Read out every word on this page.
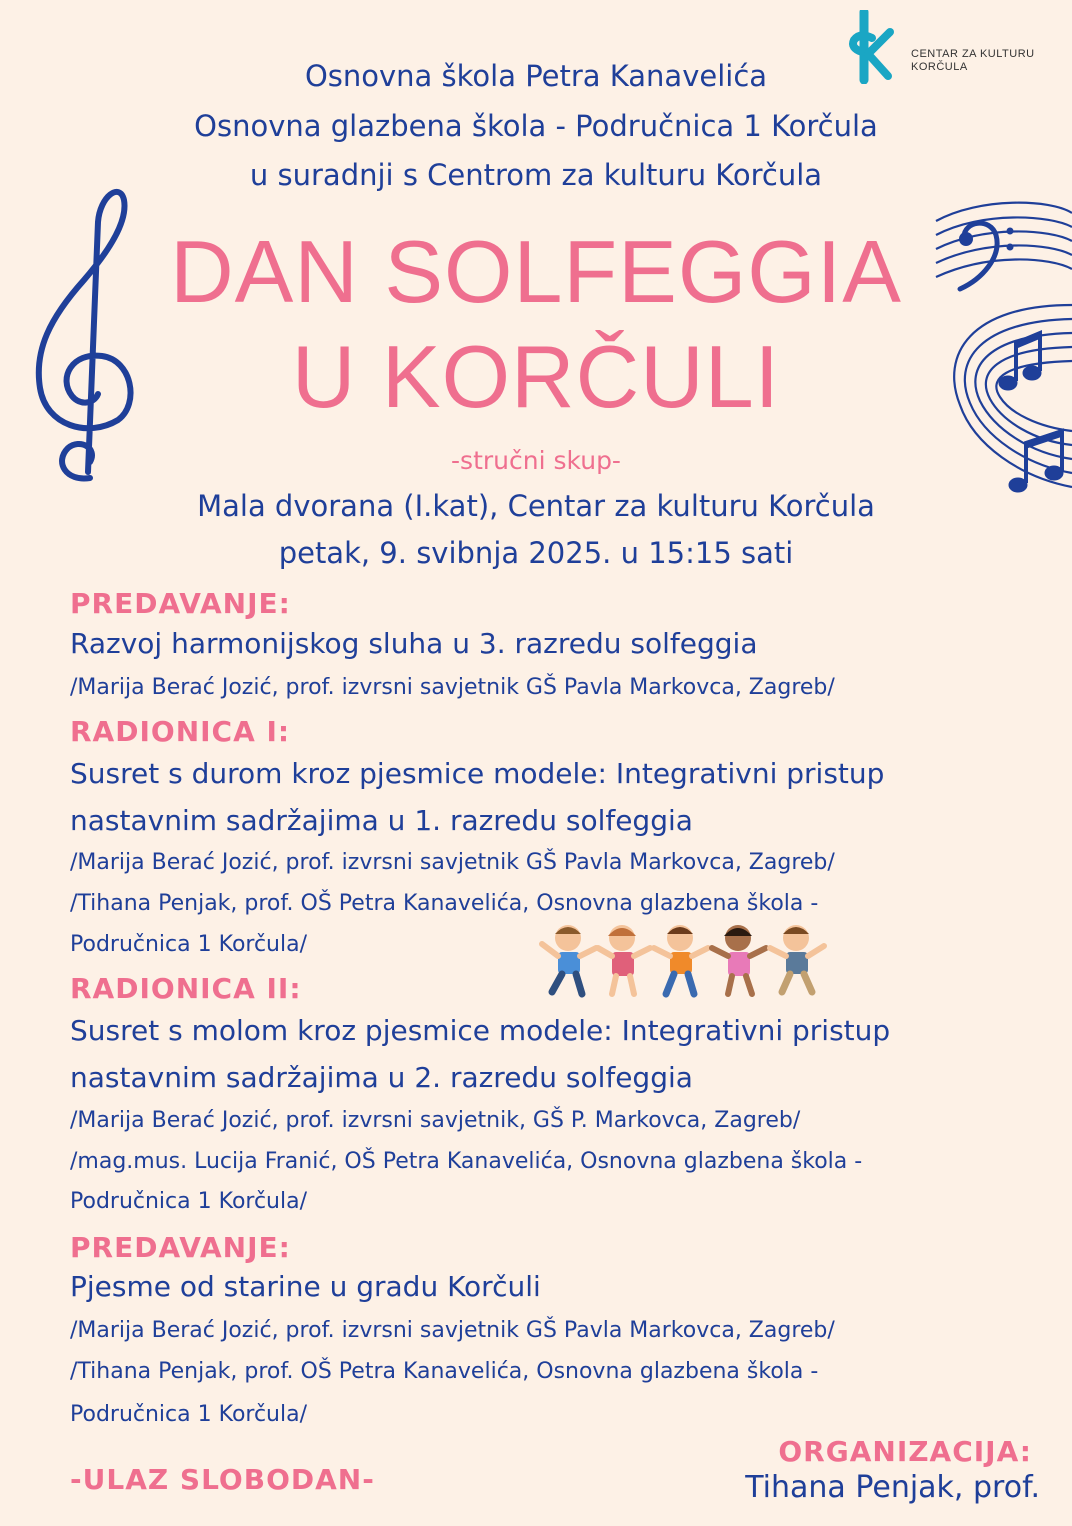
CENTAR ZA KULTURU
KORČULA
Osnovna škola Petra Kanavelića
Osnovna glazbena škola - Područnica 1 Korčula
u suradnji s Centrom za kulturu Korčula
DAN SOLFEGGIA
U KORČULI
-stručni skup-
Mala dvorana (I.kat), Centar za kulturu Korčula
petak, 9. svibnja 2025. u 15:15 sati
PREDAVANJE:
Razvoj harmonijskog sluha u 3. razredu solfeggia
/Marija Berać Jozić, prof. izvrsni savjetnik GŠ Pavla Markovca, Zagreb/
RADIONICA I:
Susret s durom kroz pjesmice modele: Integrativni pristup
nastavnim sadržajima u 1. razredu solfeggia
/Marija Berać Jozić, prof. izvrsni savjetnik GŠ Pavla Markovca, Zagreb/
/Tihana Penjak, prof. OŠ Petra Kanavelića, Osnovna glazbena škola -
Područnica 1 Korčula/
RADIONICA II:
Susret s molom kroz pjesmice modele: Integrativni pristup
nastavnim sadržajima u 2. razredu solfeggia
/Marija Berać Jozić, prof. izvrsni savjetnik, GŠ P. Markovca, Zagreb/
/mag.mus. Lucija Franić, OŠ Petra Kanavelića, Osnovna glazbena škola -
Područnica 1 Korčula/
PREDAVANJE:
Pjesme od starine u gradu Korčuli
/Marija Berać Jozić, prof. izvrsni savjetnik GŠ Pavla Markovca, Zagreb/
/Tihana Penjak, prof. OŠ Petra Kanavelića, Osnovna glazbena škola -
Područnica 1 Korčula/
-ULAZ SLOBODAN-
ORGANIZACIJA:
Tihana Penjak, prof.
